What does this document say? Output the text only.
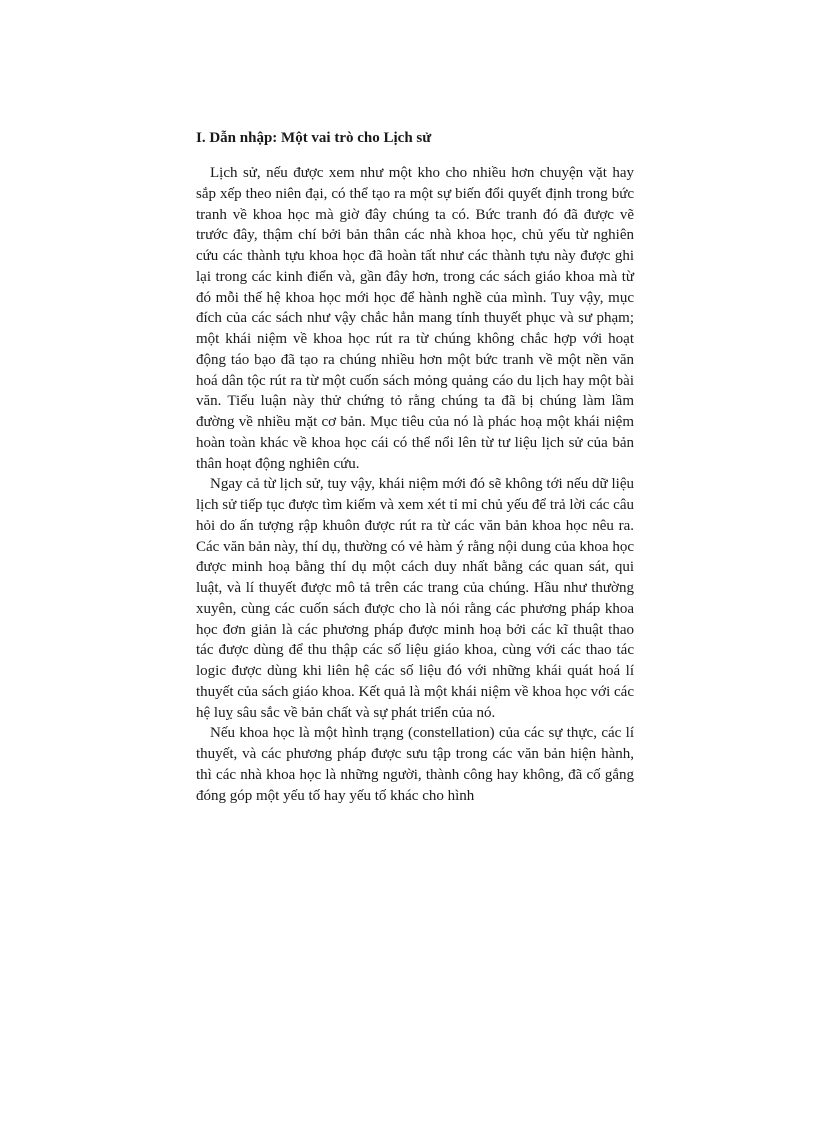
I. Dẫn nhập: Một vai trò cho Lịch sử

Lịch sử, nếu được xem như một kho cho nhiều hơn chuyện vặt hay sắp xếp theo niên đại, có thể tạo ra một sự biến đổi quyết định trong bức tranh về khoa học mà giờ đây chúng ta có. Bức tranh đó đã được vẽ trước đây, thậm chí bởi bản thân các nhà khoa học, chủ yếu từ nghiên cứu các thành tựu khoa học đã hoàn tất như các thành tựu này được ghi lại trong các kinh điển và, gần đây hơn, trong các sách giáo khoa mà từ đó mỗi thế hệ khoa học mới học để hành nghề của mình. Tuy vậy, mục đích của các sách như vậy chắc hẳn mang tính thuyết phục và sư phạm; một khái niệm về khoa học rút ra từ chúng không chắc hợp với hoạt động táo bạo đã tạo ra chúng nhiều hơn một bức tranh về một nền văn hoá dân tộc rút ra từ một cuốn sách mỏng quảng cáo du lịch hay một bài văn. Tiểu luận này thử chứng tỏ rằng chúng ta đã bị chúng làm lầm đường về nhiều mặt cơ bản. Mục tiêu của nó là phác hoạ một khái niệm hoàn toàn khác về khoa học cái có thể nổi lên từ tư liệu lịch sử của bản thân hoạt động nghiên cứu.

Ngay cả từ lịch sử, tuy vậy, khái niệm mới đó sẽ không tới nếu dữ liệu lịch sử tiếp tục được tìm kiếm và xem xét tỉ mỉ chủ yếu để trả lời các câu hỏi do ấn tượng rập khuôn được rút ra từ các văn bản khoa học nêu ra. Các văn bản này, thí dụ, thường có vẻ hàm ý rằng nội dung của khoa học được minh hoạ bằng thí dụ một cách duy nhất bằng các quan sát, qui luật, và lí thuyết được mô tả trên các trang của chúng. Hầu như thường xuyên, cùng các cuốn sách được cho là nói rằng các phương pháp khoa học đơn giản là các phương pháp được minh hoạ bởi các kĩ thuật thao tác được dùng để thu thập các số liệu giáo khoa, cùng với các thao tác logic được dùng khi liên hệ các số liệu đó với những khái quát hoá lí thuyết của sách giáo khoa. Kết quả là một khái niệm về khoa học với các hệ luỵ sâu sắc về bản chất và sự phát triển của nó.

Nếu khoa học là một hình trạng (constellation) của các sự thực, các lí thuyết, và các phương pháp được sưu tập trong các văn bản hiện hành, thì các nhà khoa học là những người, thành công hay không, đã cố gắng đóng góp một yếu tố hay yếu tố khác cho hình
